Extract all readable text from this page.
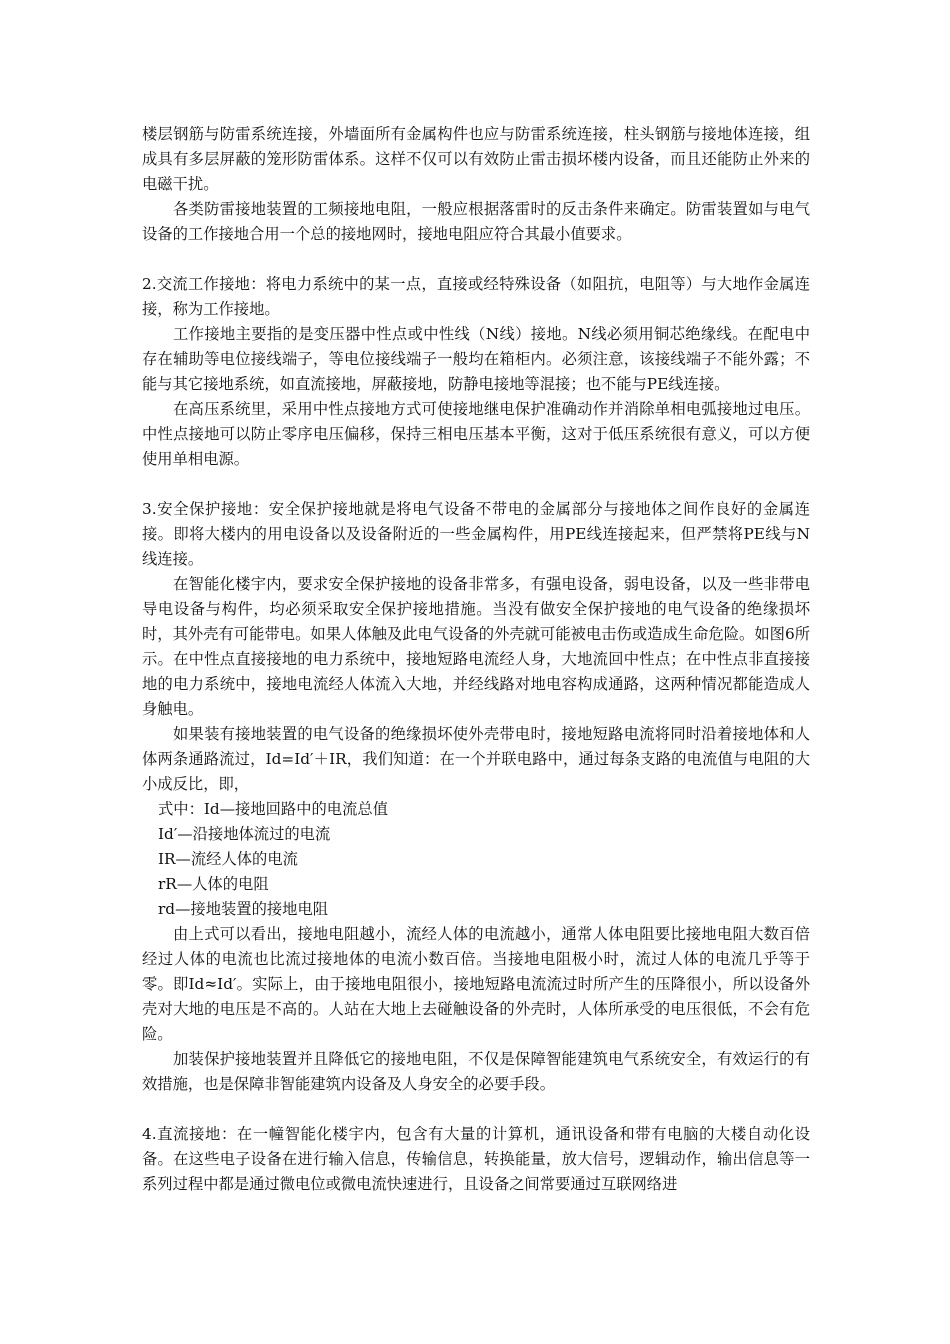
楼层钢筋与防雷系统连接，外墙面所有金属构件也应与防雷系统连接，柱头钢筋与接地体连接，组成具有多层屏蔽的笼形防雷体系。这样不仅可以有效防止雷击损坏楼内设备，而且还能防止外来的电磁干扰。

各类防雷接地装置的工频接地电阻，一般应根据落雷时的反击条件来确定。防雷装置如与电气设备的工作接地合用一个总的接地网时，接地电阻应符合其最小值要求。

2.交流工作接地：将电力系统中的某一点，直接或经特殊设备（如阻抗，电阻等）与大地作金属连接，称为工作接地。

工作接地主要指的是变压器中性点或中性线（N线）接地。N线必须用铜芯绝缘线。在配电中存在辅助等电位接线端子，等电位接线端子一般均在箱柜内。必须注意，该接线端子不能外露；不能与其它接地系统，如直流接地，屏蔽接地，防静电接地等混接；也不能与PE线连接。

在高压系统里，采用中性点接地方式可使接地继电保护准确动作并消除单相电弧接地过电压。中性点接地可以防止零序电压偏移，保持三相电压基本平衡，这对于低压系统很有意义，可以方便使用单相电源。

3.安全保护接地：安全保护接地就是将电气设备不带电的金属部分与接地体之间作良好的金属连接。即将大楼内的用电设备以及设备附近的一些金属构件，用PE线连接起来，但严禁将PE线与N线连接。

在智能化楼宇内，要求安全保护接地的设备非常多，有强电设备，弱电设备，以及一些非带电导电设备与构件，均必须采取安全保护接地措施。当没有做安全保护接地的电气设备的绝缘损坏时，其外壳有可能带电。如果人体触及此电气设备的外壳就可能被电击伤或造成生命危险。如图6所示。在中性点直接接地的电力系统中，接地短路电流经人身，大地流回中性点；在中性点非直接接地的电力系统中，接地电流经人体流入大地，并经线路对地电容构成通路，这两种情况都能造成人身触电。

如果装有接地装置的电气设备的绝缘损坏使外壳带电时，接地短路电流将同时沿着接地体和人体两条通路流过，Id=Id′＋IR，我们知道：在一个并联电路中，通过每条支路的电流值与电阻的大小成反比，即，

式中：Id—接地回路中的电流总值

Id′—沿接地体流过的电流

IR—流经人体的电流

rR—人体的电阻

rd—接地装置的接地电阻

由上式可以看出，接地电阻越小，流经人体的电流越小，通常人体电阻要比接地电阻大数百倍经过人体的电流也比流过接地体的电流小数百倍。当接地电阻极小时，流过人体的电流几乎等于零。即Id≈Id′。实际上，由于接地电阻很小，接地短路电流流过时所产生的压降很小，所以设备外壳对大地的电压是不高的。人站在大地上去碰触设备的外壳时，人体所承受的电压很低，不会有危险。

加装保护接地装置并且降低它的接地电阻，不仅是保障智能建筑电气系统安全，有效运行的有效措施，也是保障非智能建筑内设备及人身安全的必要手段。

4.直流接地：在一幢智能化楼宇内，包含有大量的计算机，通讯设备和带有电脑的大楼自动化设备。在这些电子设备在进行输入信息，传输信息，转换能量，放大信号，逻辑动作，输出信息等一系列过程中都是通过微电位或微电流快速进行，且设备之间常要通过互联网络进
